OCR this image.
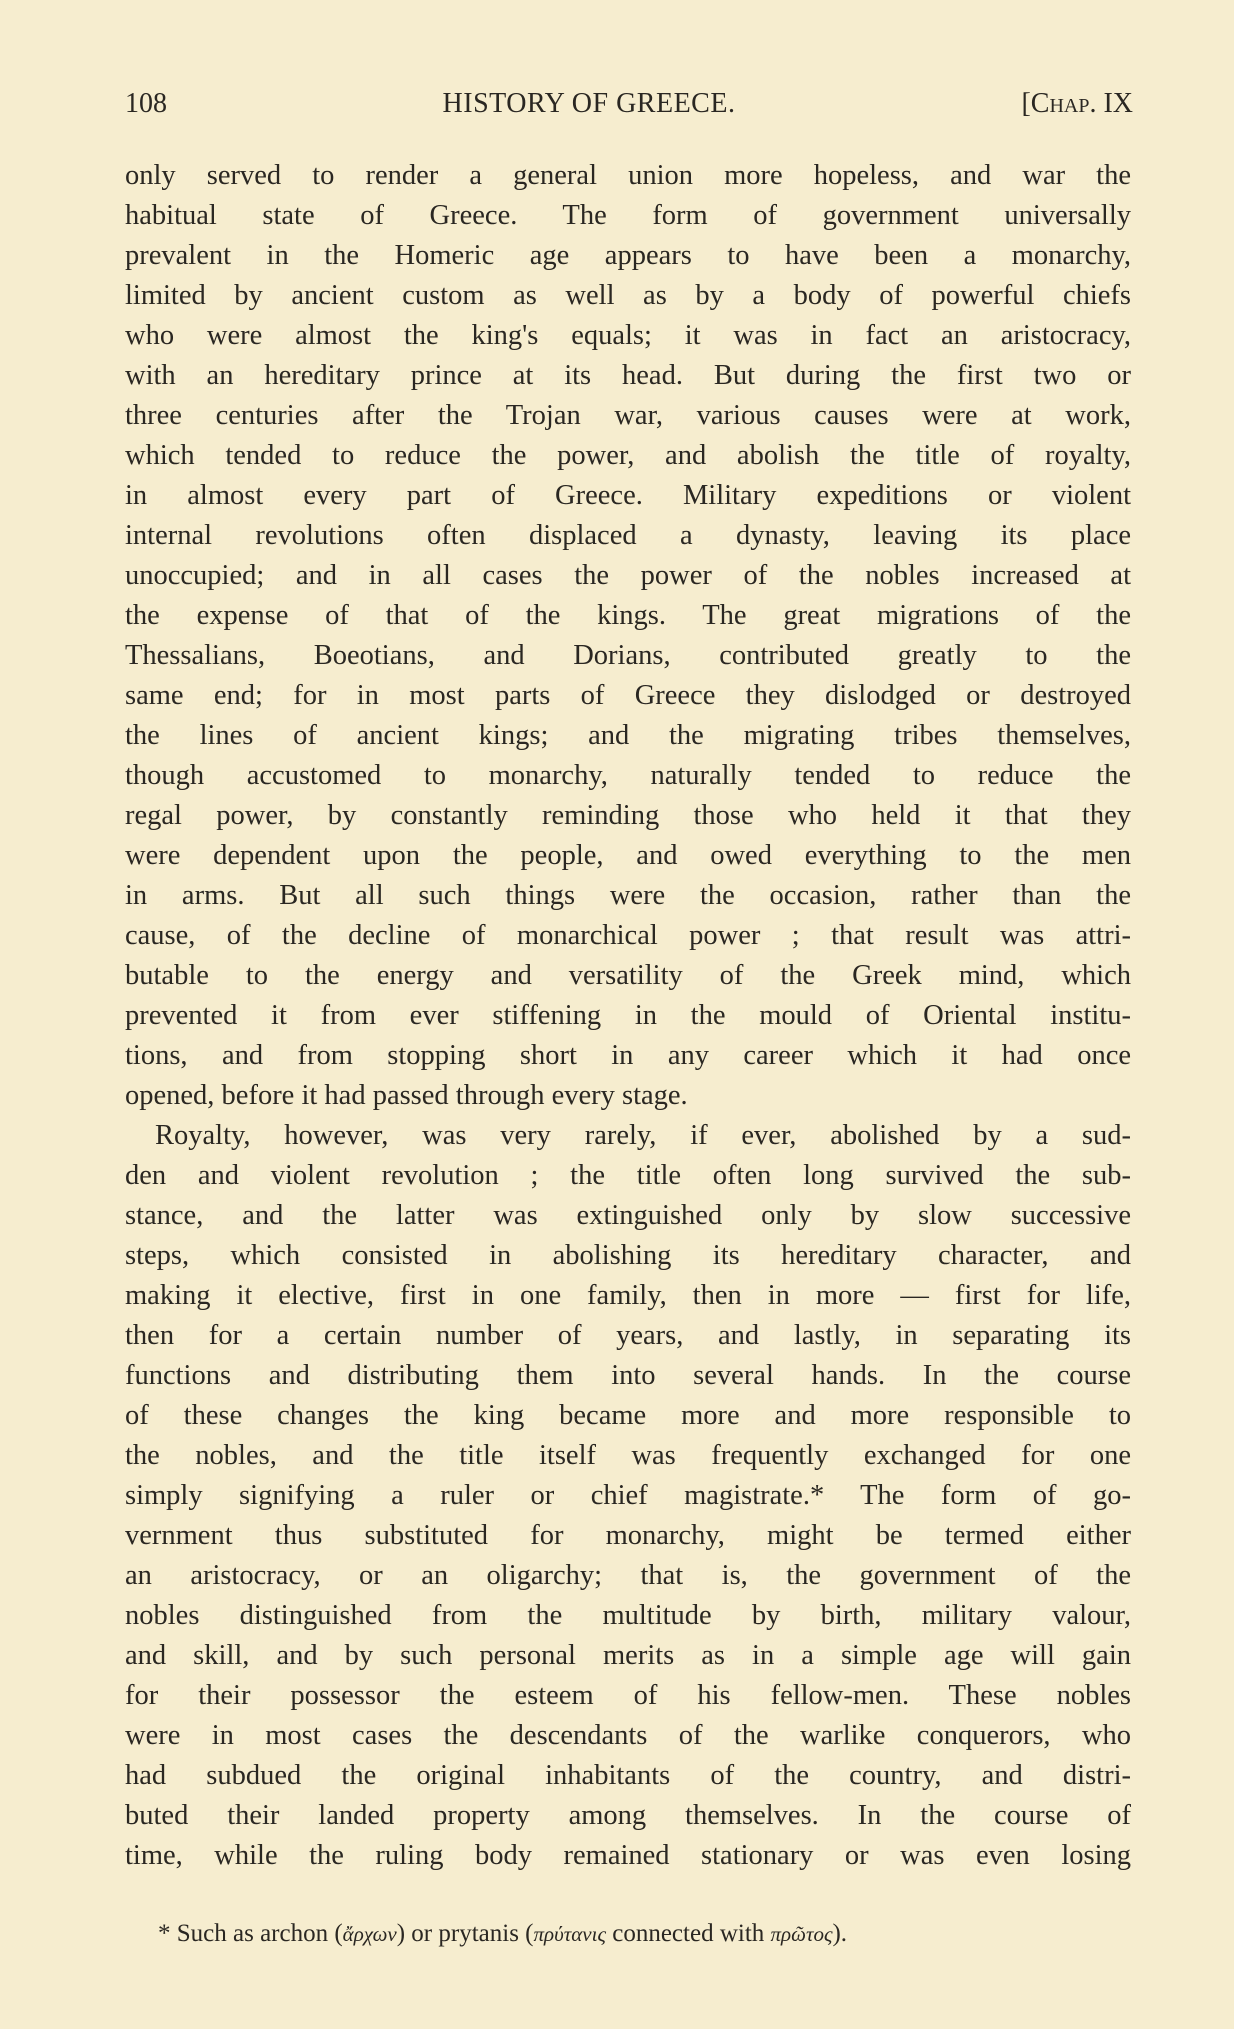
108	HISTORY OF GREECE.	[Chap. IX
only served to render a general union more hopeless, and war the
habitual state of Greece. The form of government universally
prevalent in the Homeric age appears to have been a monarchy,
limited by ancient custom as well as by a body of powerful chiefs
who were almost the king's equals; it was in fact an aristocracy,
with an hereditary prince at its head. But during the first two or
three centuries after the Trojan war, various causes were at work,
which tended to reduce the power, and abolish the title of royalty,
in almost every part of Greece. Military expeditions or violent
internal revolutions often displaced a dynasty, leaving its place
unoccupied; and in all cases the power of the nobles increased at
the expense of that of the kings. The great migrations of the
Thessalians, Boeotians, and Dorians, contributed greatly to the
same end; for in most parts of Greece they dislodged or destroyed
the lines of ancient kings; and the migrating tribes themselves,
though accustomed to monarchy, naturally tended to reduce the
regal power, by constantly reminding those who held it that they
were dependent upon the people, and owed everything to the men
in arms. But all such things were the occasion, rather than the
cause, of the decline of monarchical power ; that result was attri-
butable to the energy and versatility of the Greek mind, which
prevented it from ever stiffening in the mould of Oriental institu-
tions, and from stopping short in any career which it had once
opened, before it had passed through every stage.
Royalty, however, was very rarely, if ever, abolished by a sud-
den and violent revolution ; the title often long survived the sub-
stance, and the latter was extinguished only by slow successive
steps, which consisted in abolishing its hereditary character, and
making it elective, first in one family, then in more — first for life,
then for a certain number of years, and lastly, in separating its
functions and distributing them into several hands. In the course
of these changes the king became more and more responsible to
the nobles, and the title itself was frequently exchanged for one
simply signifying a ruler or chief magistrate.* The form of go-
vernment thus substituted for monarchy, might be termed either
an aristocracy, or an oligarchy; that is, the government of the
nobles distinguished from the multitude by birth, military valour,
and skill, and by such personal merits as in a simple age will gain
for their possessor the esteem of his fellow-men. These nobles
were in most cases the descendants of the warlike conquerors, who
had subdued the original inhabitants of the country, and distri-
buted their landed property among themselves. In the course of
time, while the ruling body remained stationary or was even losing
* Such as archon (ἄρχων) or prytanis (πρύτανις connected with πρῶτος).
